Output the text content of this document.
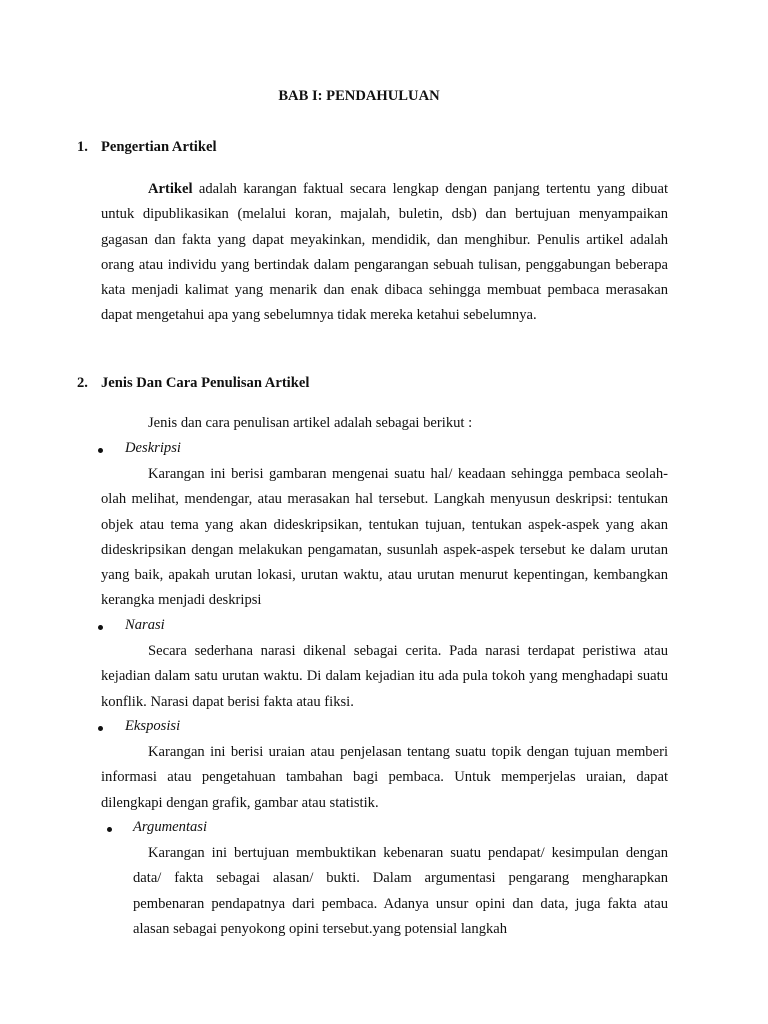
BAB I: PENDAHULUAN
1. Pengertian Artikel

Artikel adalah karangan faktual secara lengkap dengan panjang tertentu yang dibuat untuk dipublikasikan (melalui koran, majalah, buletin, dsb) dan bertujuan menyampaikan gagasan dan fakta yang dapat meyakinkan, mendidik, dan menghibur. Penulis artikel adalah orang atau individu yang bertindak dalam pengarangan sebuah tulisan, penggabungan beberapa kata menjadi kalimat yang menarik dan enak dibaca sehingga membuat pembaca merasakan dapat mengetahui apa yang sebelumnya tidak mereka ketahui sebelumnya.

2. Jenis Dan Cara Penulisan Artikel
Jenis dan cara penulisan artikel adalah sebagai berikut :
Deskripsi

Karangan ini berisi gambaran mengenai suatu hal/ keadaan sehingga pembaca seolah-olah melihat, mendengar, atau merasakan hal tersebut. Langkah menyusun deskripsi: tentukan objek atau tema yang akan dideskripsikan, tentukan tujuan, tentukan aspek-aspek yang akan dideskripsikan dengan melakukan pengamatan, susunlah aspek-aspek tersebut ke dalam urutan yang baik, apakah urutan lokasi, urutan waktu, atau urutan menurut kepentingan, kembangkan kerangka menjadi deskripsi

Narasi

Secara sederhana narasi dikenal sebagai cerita. Pada narasi terdapat peristiwa atau kejadian dalam satu urutan waktu. Di dalam kejadian itu ada pula tokoh yang menghadapi suatu konflik. Narasi dapat berisi fakta atau fiksi.

Eksposisi

Karangan ini berisi uraian atau penjelasan tentang suatu topik dengan tujuan memberi informasi atau pengetahuan tambahan bagi pembaca. Untuk memperjelas uraian, dapat dilengkapi dengan grafik, gambar atau statistik.

Argumentasi

Karangan ini bertujuan membuktikan kebenaran suatu pendapat/ kesimpulan dengan data/ fakta sebagai alasan/ bukti. Dalam argumentasi pengarang mengharapkan pembenaran pendapatnya dari pembaca. Adanya unsur opini dan data, juga fakta atau alasan sebagai penyokong opini tersebut.yang potensial langkah
